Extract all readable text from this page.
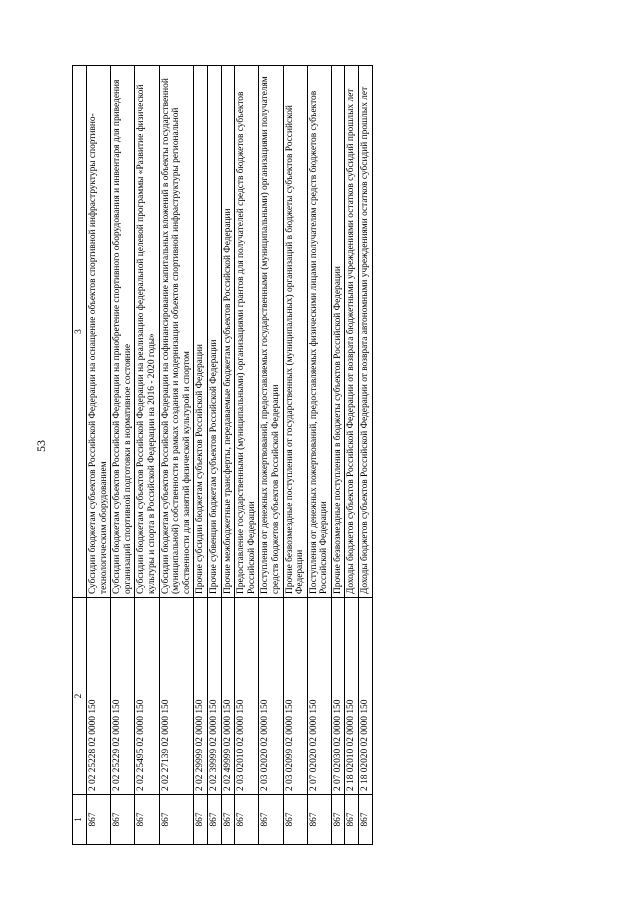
53
1	2	3
867	2 02 25228 02 0000 150	Субсидии бюджетам субъектов Российской Федерации на оснащение объектов спортивной инфраструктуры спортивно-технологическим оборудованием
867	2 02 25229 02 0000 150	Субсидии бюджетам субъектов Российской Федерации на приобретение спортивного оборудования и инвентаря для приведения организаций спортивной подготовки в нормативное состояние
867	2 02 25495 02 0000 150	Субсидии бюджетам субъектов Российской Федерации на реализацию федеральной целевой программы «Развитие физической культуры и спорта в Российской Федерации на 2016 - 2020 годы»
867	2 02 27139 02 0000 150	Субсидии бюджетам субъектов Российской Федерации на софинансирование капитальных вложений в объекты государственной (муниципальной) собственности в рамках создания и модернизации объектов спортивной инфраструктуры региональной собственности для занятий физической культурой и спортом
867	2 02 29999 02 0000 150	Прочие субсидии бюджетам субъектов Российской Федерации
867	2 02 39999 02 0000 150	Прочие субвенции бюджетам субъектов Российской Федерации
867	2 02 49999 02 0000 150	Прочие межбюджетные трансферты, передаваемые бюджетам субъектов Российской Федерации
867	2 03 02010 02 0000 150	Предоставление государственными (муниципальными) организациями грантов для получателей средств бюджетов субъектов Российской Федерации
867	2 03 02020 02 0000 150	Поступления от денежных пожертвований, предоставляемых государственными (муниципальными) организациями получателям средств бюджетов субъектов Российской Федерации
867	2 03 02099 02 0000 150	Прочие безвозмездные поступления от государственных (муниципальных) организаций в бюджеты субъектов Российской Федерации
867	2 07 02020 02 0000 150	Поступления от денежных пожертвований, предоставляемых физическими лицами получателям средств бюджетов субъектов Российской Федерации
867	2 07 02030 02 0000 150	Прочие безвозмездные поступления в бюджеты субъектов Российской Федерации
867	2 18 02010 02 0000 150	Доходы бюджетов субъектов Российской Федерации от возврата бюджетными учреждениями остатков субсидий прошлых лет
867	2 18 02020 02 0000 150	Доходы бюджетов субъектов Российской Федерации от возврата автономными учреждениями остатков субсидий прошлых лет
